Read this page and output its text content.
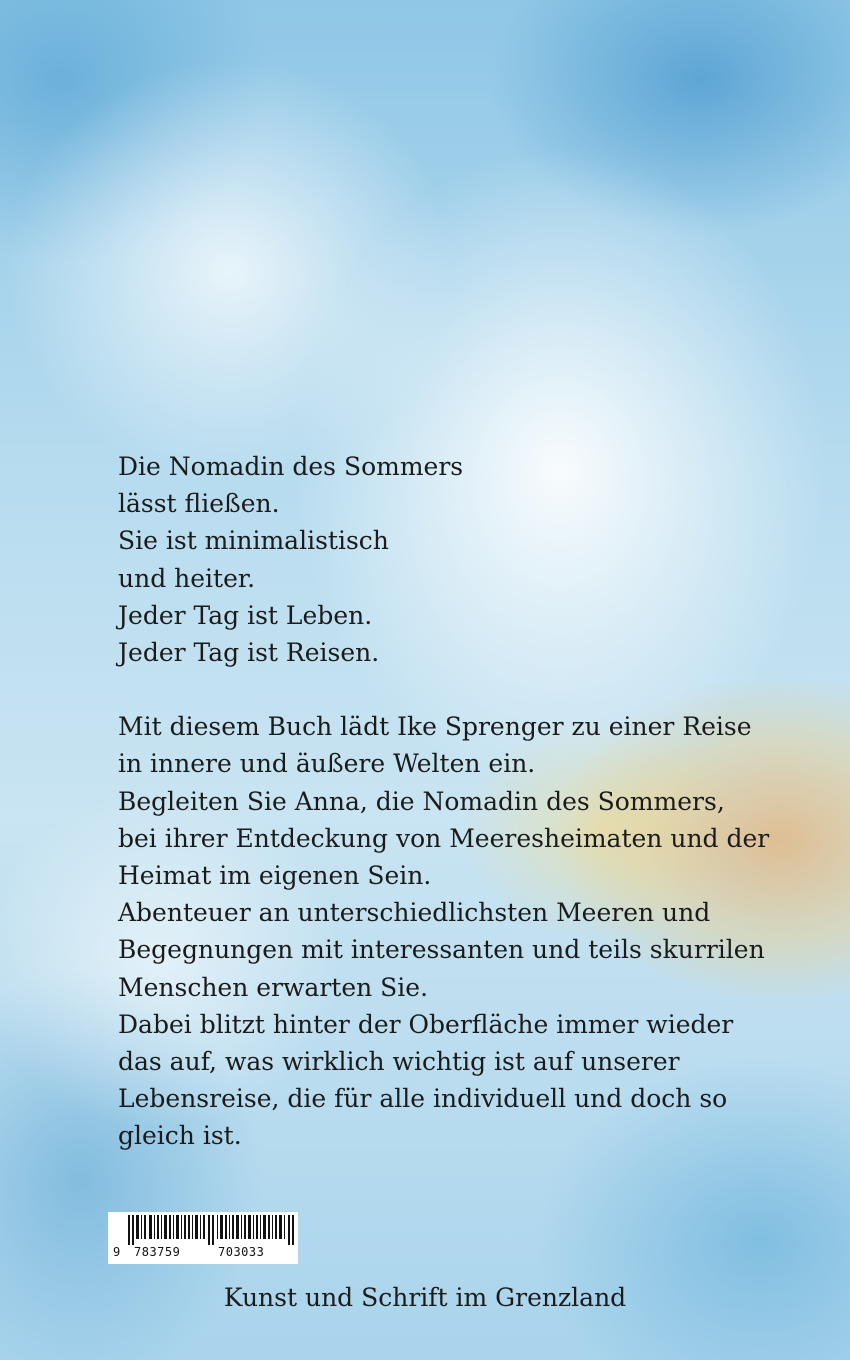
Die Nomadin des Sommers
lässt fließen.
Sie ist minimalistisch
und heiter.
Jeder Tag ist Leben.
Jeder Tag ist Reisen.
Mit diesem Buch lädt Ike Sprenger zu einer Reise
in innere und äußere Welten ein.
Begleiten Sie Anna, die Nomadin des Sommers,
bei ihrer Entdeckung von Meeresheimaten und der
Heimat im eigenen Sein.
Abenteuer an unterschiedlichsten Meeren und
Begegnungen mit interessanten und teils skurrilen
Menschen erwarten Sie.
Dabei blitzt hinter der Oberfläche immer wieder
das auf, was wirklich wichtig ist auf unserer
Lebensreise, die für alle individuell und doch so
gleich ist.
9 783759	703033
Kunst und Schrift im Grenzland
